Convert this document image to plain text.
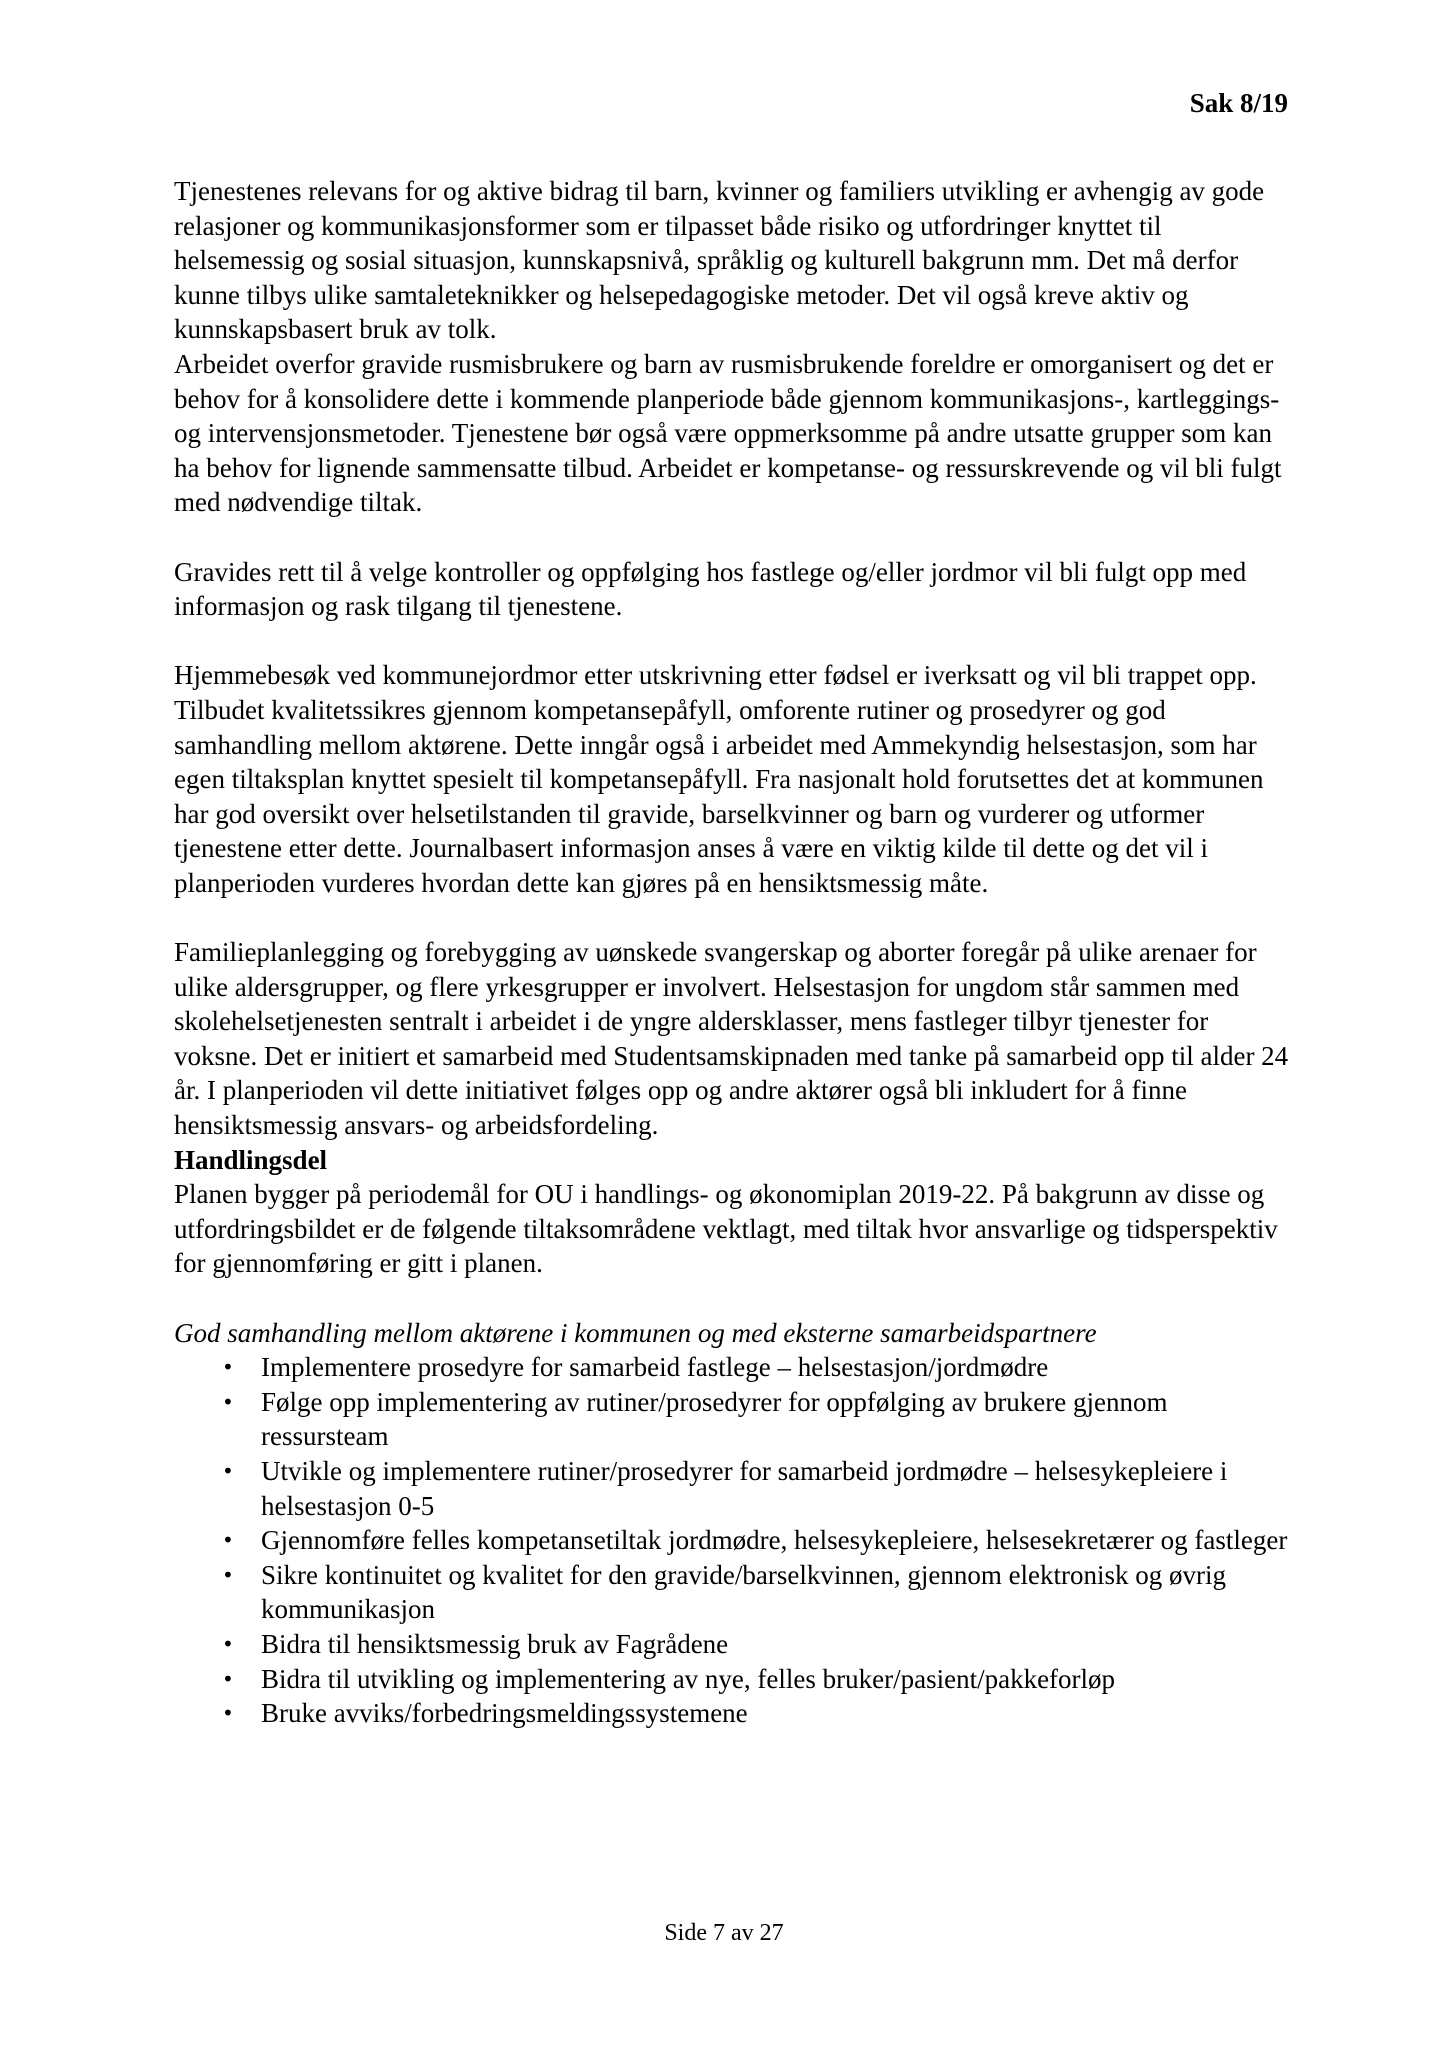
Sak 8/19

Tjenestenes relevans for og aktive bidrag til barn, kvinner og familiers utvikling er avhengig av gode relasjoner og kommunikasjonsformer som er tilpasset både risiko og utfordringer knyttet til helsemessig og sosial situasjon, kunnskapsnivå, språklig og kulturell bakgrunn mm. Det må derfor kunne tilbys ulike samtaleteknikker og helsepedagogiske metoder. Det vil også kreve aktiv og kunnskapsbasert bruk av tolk.

Arbeidet overfor gravide rusmisbrukere og barn av rusmisbrukende foreldre er omorganisert og det er behov for å konsolidere dette i kommende planperiode både gjennom kommunikasjons-, kartleggings- og intervensjonsmetoder. Tjenestene bør også være oppmerksomme på andre utsatte grupper som kan ha behov for lignende sammensatte tilbud. Arbeidet er kompetanse- og ressurskrevende og vil bli fulgt med nødvendige tiltak.

Gravides rett til å velge kontroller og oppfølging hos fastlege og/eller jordmor vil bli fulgt opp med informasjon og rask tilgang til tjenestene.

Hjemmebesøk ved kommunejordmor etter utskrivning etter fødsel er iverksatt og vil bli trappet opp. Tilbudet kvalitetssikres gjennom kompetansepåfyll, omforente rutiner og prosedyrer og god samhandling mellom aktørene. Dette inngår også i arbeidet med Ammekyndig helsestasjon, som har egen tiltaksplan knyttet spesielt til kompetansepåfyll. Fra nasjonalt hold forutsettes det at kommunen har god oversikt over helsetilstanden til gravide, barselkvinner og barn og vurderer og utformer tjenestene etter dette. Journalbasert informasjon anses å være en viktig kilde til dette og det vil i planperioden vurderes hvordan dette kan gjøres på en hensiktsmessig måte.

Familieplanlegging og forebygging av uønskede svangerskap og aborter foregår på ulike arenaer for ulike aldersgrupper, og flere yrkesgrupper er involvert. Helsestasjon for ungdom står sammen med skolehelsetjenesten sentralt i arbeidet i de yngre aldersklasser, mens fastleger tilbyr tjenester for voksne. Det er initiert et samarbeid med Studentsamskipnaden med tanke på samarbeid opp til alder 24 år. I planperioden vil dette initiativet følges opp og andre aktører også bli inkludert for å finne hensiktsmessig ansvars- og arbeidsfordeling.

Handlingsdel

Planen bygger på periodemål for OU i handlings- og økonomiplan 2019-22. På bakgrunn av disse og utfordringsbildet er de følgende tiltaksområdene vektlagt, med tiltak hvor ansvarlige og tidsperspektiv for gjennomføring er gitt i planen.

God samhandling mellom aktørene i kommunen og med eksterne samarbeidspartnere

• Implementere prosedyre for samarbeid fastlege – helsestasjon/jordmødre
• Følge opp implementering av rutiner/prosedyrer for oppfølging av brukere gjennom ressursteam
• Utvikle og implementere rutiner/prosedyrer for samarbeid jordmødre – helsesykepleiere i helsestasjon 0-5
• Gjennomføre felles kompetansetiltak jordmødre, helsesykepleiere, helsesekretærer og fastleger
• Sikre kontinuitet og kvalitet for den gravide/barselkvinnen, gjennom elektronisk og øvrig kommunikasjon
• Bidra til hensiktsmessig bruk av Fagrådene
• Bidra til utvikling og implementering av nye, felles bruker/pasient/pakkeforløp
• Bruke avviks/forbedringsmeldingssystemene
Side 7 av 27
